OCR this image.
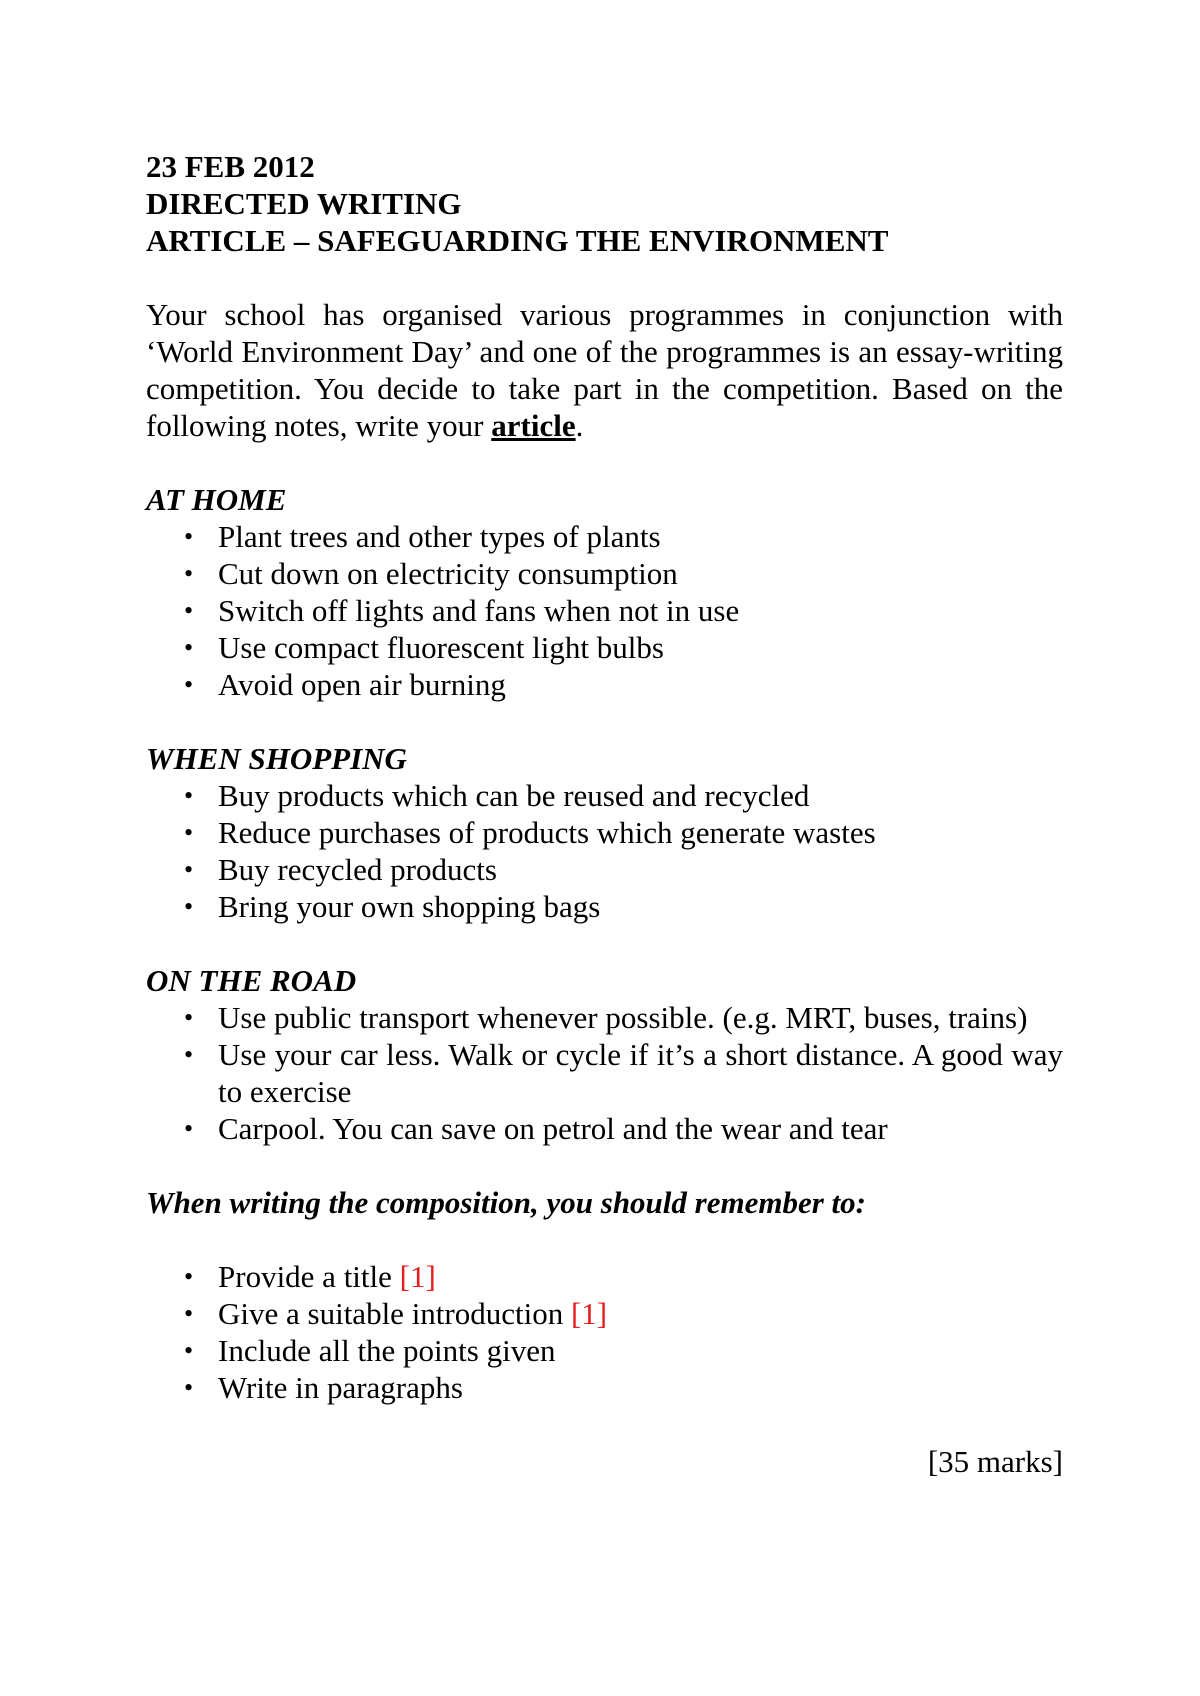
23 FEB 2012

DIRECTED WRITING

ARTICLE – SAFEGUARDING THE ENVIRONMENT

Your school has organised various programmes in conjunction with ‘World Environment Day’ and one of the programmes is an essay-writing competition. You decide to take part in the competition. Based on the following notes, write your article.

AT HOME

• Plant trees and other types of plants
• Cut down on electricity consumption
• Switch off lights and fans when not in use
• Use compact fluorescent light bulbs
• Avoid open air burning

WHEN SHOPPING

• Buy products which can be reused and recycled
• Reduce purchases of products which generate wastes
• Buy recycled products
• Bring your own shopping bags

ON THE ROAD

• Use public transport whenever possible. (e.g. MRT, buses, trains)
• Use your car less. Walk or cycle if it’s a short distance. A good way to exercise
• Carpool. You can save on petrol and the wear and tear

When writing the composition, you should remember to:

• Provide a title [1]
• Give a suitable introduction [1]
• Include all the points given
• Write in paragraphs

[35 marks]
